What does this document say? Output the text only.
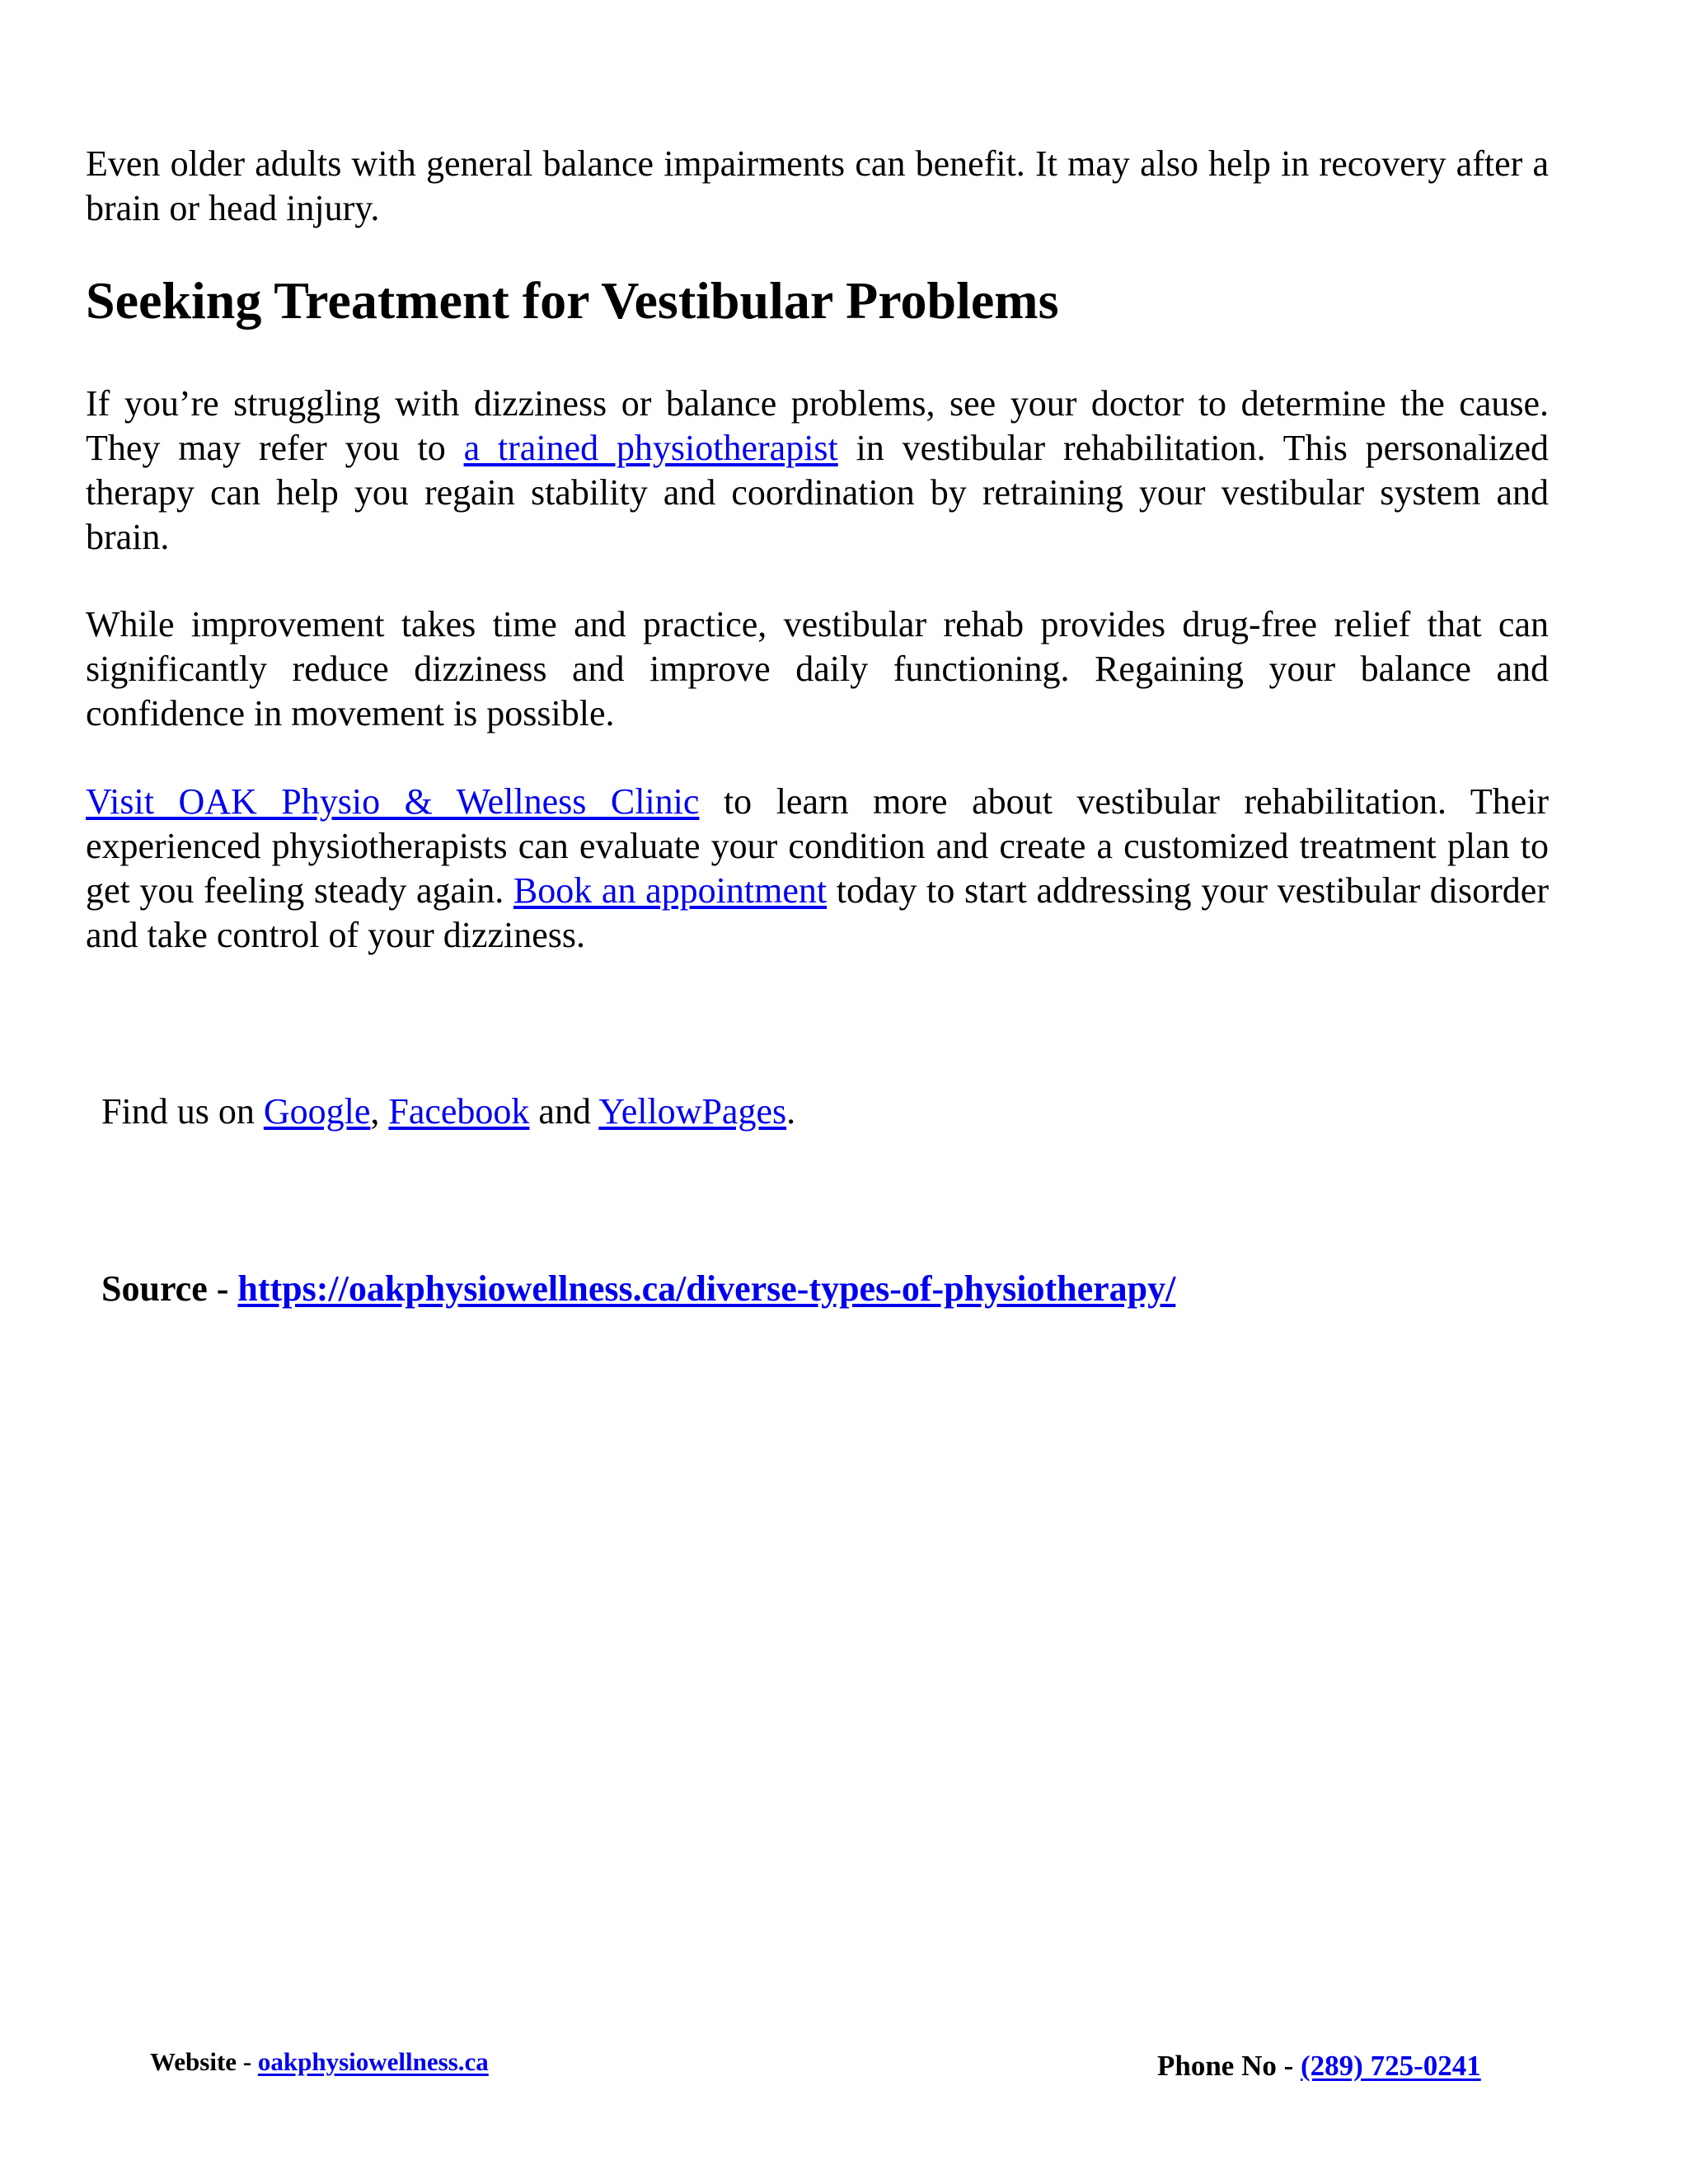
Even older adults with general balance impairments can benefit. It may also help in recovery after a brain or head injury.

Seeking Treatment for Vestibular Problems

If you’re struggling with dizziness or balance problems, see your doctor to determine the cause. They may refer you to a trained physiotherapist in vestibular rehabilitation. This personalized therapy can help you regain stability and coordination by retraining your vestibular system and brain.

While improvement takes time and practice, vestibular rehab provides drug-free relief that can significantly reduce dizziness and improve daily functioning. Regaining your balance and confidence in movement is possible.

Visit OAK Physio & Wellness Clinic to learn more about vestibular rehabilitation. Their experienced physiotherapists can evaluate your condition and create a customized treatment plan to get you feeling steady again. Book an appointment today to start addressing your vestibular disorder and take control of your dizziness.

Find us on Google, Facebook and YellowPages.
Source - https://oakphysiowellness.ca/diverse-types-of-physiotherapy/
Website - oakphysiowellness.ca	Phone No - (289) 725-0241
